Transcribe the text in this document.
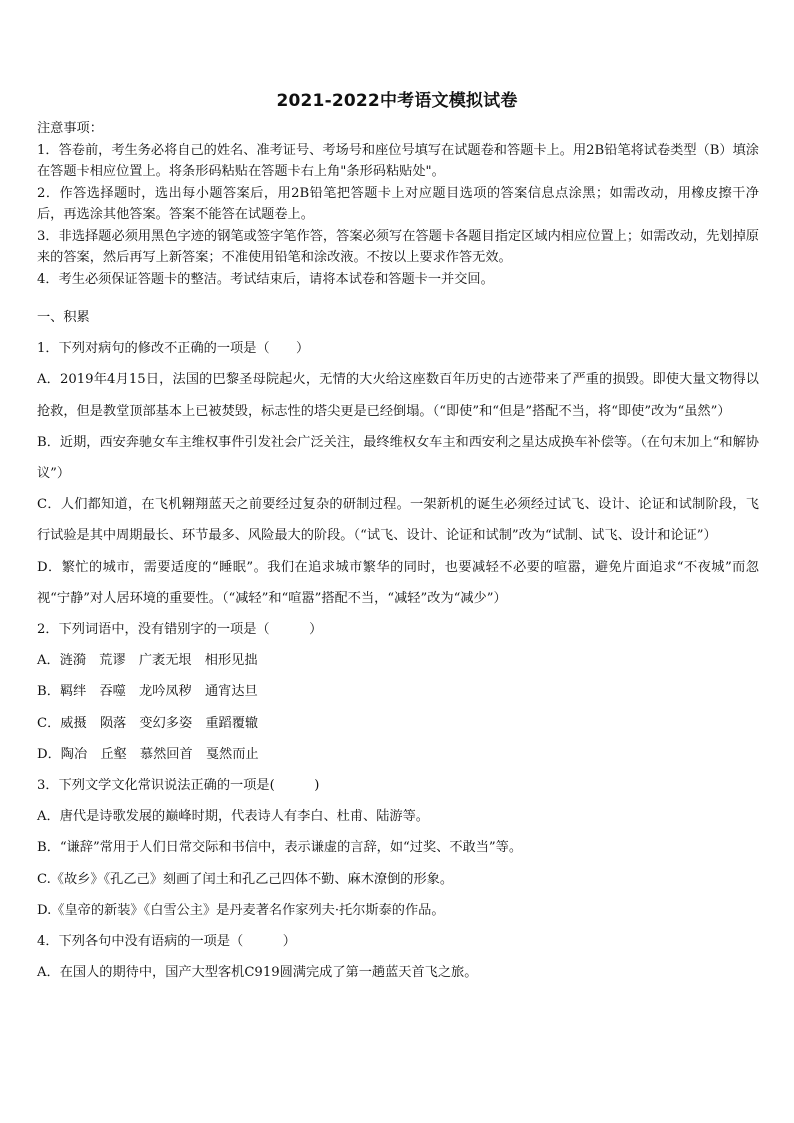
2021-2022中考语文模拟试卷

注意事项：

1．答卷前，考生务必将自己的姓名、准考证号、考场号和座位号填写在试题卷和答题卡上。用2B铅笔将试卷类型（B）填涂在答题卡相应位置上。将条形码粘贴在答题卡右上角"条形码粘贴处"。

2．作答选择题时，选出每小题答案后，用2B铅笔把答题卡上对应题目选项的答案信息点涂黑；如需改动，用橡皮擦干净后，再选涂其他答案。答案不能答在试题卷上。

3．非选择题必须用黑色字迹的钢笔或签字笔作答，答案必须写在答题卡各题目指定区域内相应位置上；如需改动，先划掉原来的答案，然后再写上新答案；不准使用铅笔和涂改液。不按以上要求作答无效。

4．考生必须保证答题卡的整洁。考试结束后，请将本试卷和答题卡一并交回。

一、积累

1．下列对病句的修改不正确的一项是（　　）

A．2019年4月15日，法国的巴黎圣母院起火，无情的大火给这座数百年历史的古迹带来了严重的损毁。即使大量文物得以抢救，但是教堂顶部基本上已被焚毁，标志性的塔尖更是已经倒塌。（“即使”和“但是”搭配不当，将“即使”改为“虽然”）

B．近期，西安奔驰女车主维权事件引发社会广泛关注，最终维权女车主和西安利之星达成换车补偿等。（在句末加上“和解协议”）

C．人们都知道，在飞机翱翔蓝天之前要经过复杂的研制过程。一架新机的诞生必须经过试飞、设计、论证和试制阶段，飞行试验是其中周期最长、环节最多、风险最大的阶段。（“试飞、设计、论证和试制”改为“试制、试飞、设计和论证”）

D．繁忙的城市，需要适度的“睡眠”。我们在追求城市繁华的同时，也要减轻不必要的喧嚣，避免片面追求“不夜城”而忽视“宁静”对人居环境的重要性。（“减轻”和“喧嚣”搭配不当，“减轻”改为“减少”）

2．下列词语中，没有错别字的一项是（　　　）

A．涟漪　荒谬　广袤无垠　相形见拙

B．羁绊　吞噬　龙吟凤秽　通宵达旦

C．威摄　陨落　变幻多姿　重蹈覆辙

D．陶冶　丘壑　慕然回首　戛然而止

3．下列文学文化常识说法正确的一项是(　　　)

A．唐代是诗歌发展的巅峰时期，代表诗人有李白、杜甫、陆游等。

B．“谦辞”常用于人们日常交际和书信中，表示谦虚的言辞，如“过奖、不敢当”等。

C.《故乡》《孔乙己》刻画了闰土和孔乙己四体不勤、麻木潦倒的形象。

D.《皇帝的新装》《白雪公主》是丹麦著名作家列夫·托尔斯泰的作品。

4．下列各句中没有语病的一项是（　　　）

A．在国人的期待中，国产大型客机C919圆满完成了第一趟蓝天首飞之旅。
